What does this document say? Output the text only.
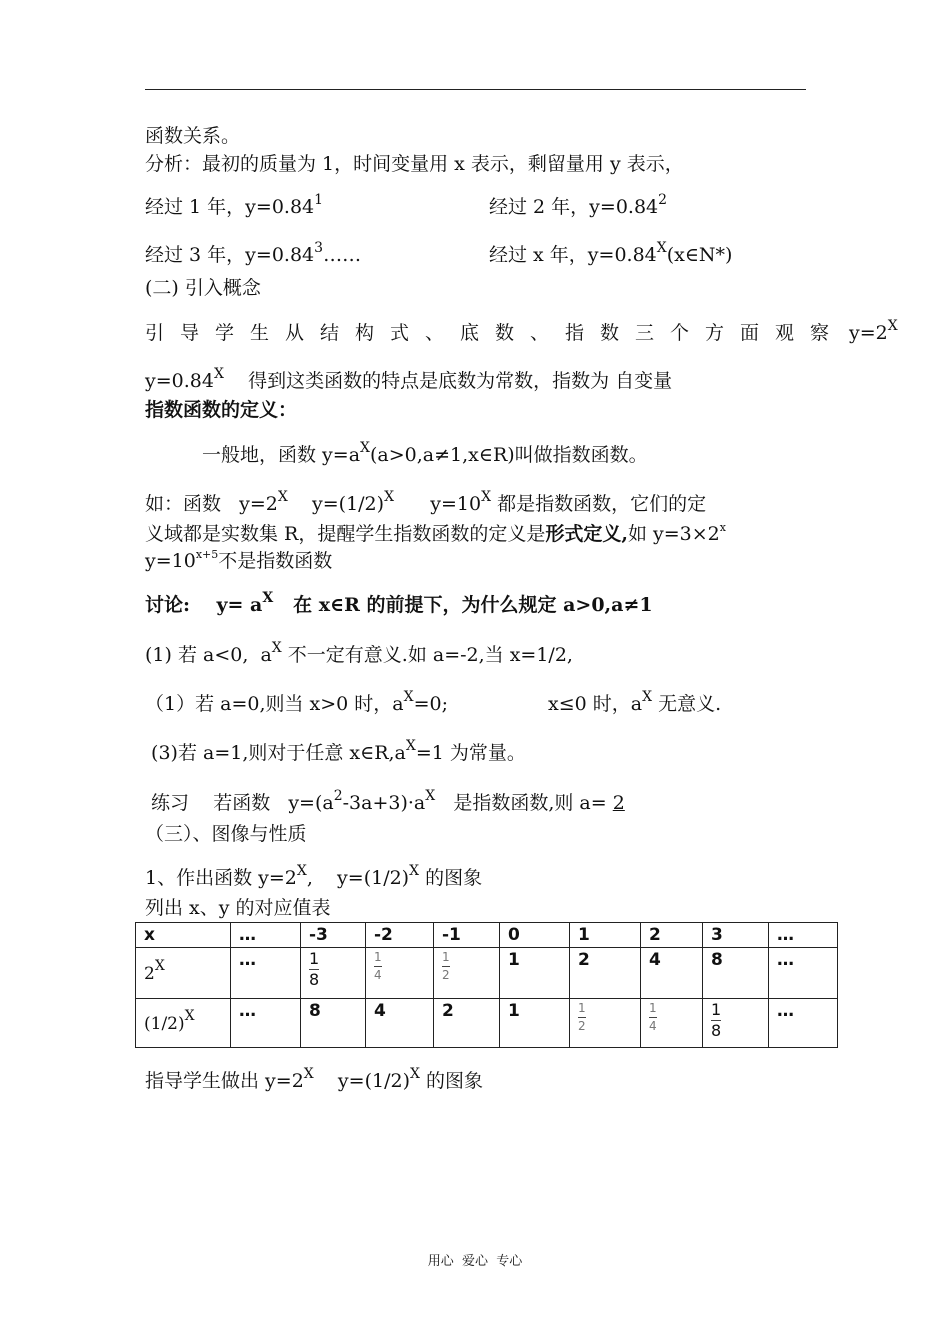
函数关系。
分析：最初的质量为 1，时间变量用 x 表示，剩留量用 y 表示，
经过 1 年，$y=0.84^1$	经过 2 年，$y=0.84^2$
经过 3 年，$y=0.84^3\dots\dots$	经过 x 年，$y=0.84^X(x\in N*)$
(二) 引入概念
引导学生从结构式、底数、指数三个方面观察 $y=2^X$
$y=0.84^X$    得到这类函数的特点是底数为常数，指数为 自变量
指数函数的定义：
一般地，函数 $y=a^X(a>0,a\ne 1,x\in R)$叫做指数函数。
如：函数   $y=2^X$    $y=(1/2)^X$      $y=10^X$ 都是指数函数，它们的定
义域都是实数集 R，提醒学生指数函数的定义是形式定义,如 $y=3\times 2^x$
$y=10^{x+5}$不是指数函数
讨论:    $y= a^X$   在 x∈R 的前提下，为什么规定 a>0,a≠1
(1) 若 a<0,  $a^X$ 不一定有意义.如 a=-2,当 x=1/2,
（1）若 a=0,则当 x>0 时，$a^X=0$;	x≤0 时，$a^X$ 无意义.
(3)若 a=1,则对于任意 $x\in R,a^X=1$ 为常量。
练习    若函数   $y=(a^2-3a+3)\cdot a^X$   是指数函数,则 a= 2
（三）、图像与性质
1、作出函数 $y=2^X$,    $y=(1/2)^X$ 的图象
列出 x、y 的对应值表
x	…	-3	-2	-1	0	1	2	3	…
$2^X$	…	$\frac{1}{8}$	$\frac{1}{4}$	$\frac{1}{2}$	1	2	4	8	…
$(1/2)^X$	…	8	4	2	1	$\frac{1}{2}$	$\frac{1}{4}$	$\frac{1}{8}$	…
指导学生做出 $y=2^X$    $y=(1/2)^X$ 的图象
用心  爱心  专心
